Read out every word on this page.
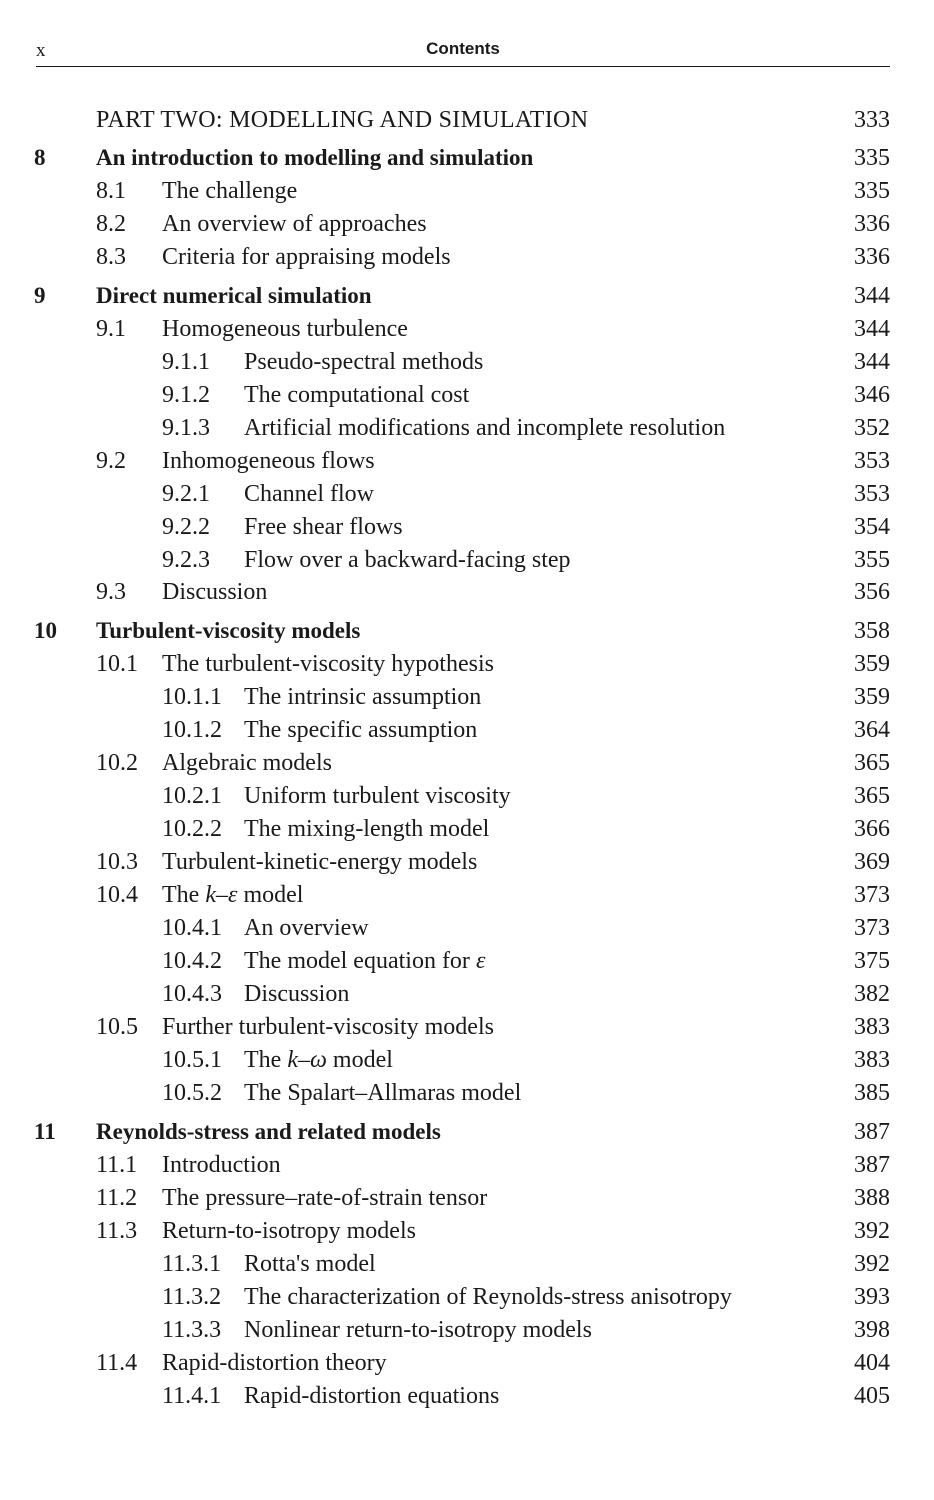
x	Contents
PART TWO: MODELLING AND SIMULATION	333
8 An introduction to modelling and simulation	335
8.1 The challenge	335
8.2 An overview of approaches	336
8.3 Criteria for appraising models	336
9 Direct numerical simulation	344
9.1 Homogeneous turbulence	344
9.1.1 Pseudo-spectral methods	344
9.1.2 The computational cost	346
9.1.3 Artificial modifications and incomplete resolution	352
9.2 Inhomogeneous flows	353
9.2.1 Channel flow	353
9.2.2 Free shear flows	354
9.2.3 Flow over a backward-facing step	355
9.3 Discussion	356
10 Turbulent-viscosity models	358
10.1 The turbulent-viscosity hypothesis	359
10.1.1 The intrinsic assumption	359
10.1.2 The specific assumption	364
10.2 Algebraic models	365
10.2.1 Uniform turbulent viscosity	365
10.2.2 The mixing-length model	366
10.3 Turbulent-kinetic-energy models	369
10.4 The k–ε model	373
10.4.1 An overview	373
10.4.2 The model equation for ε	375
10.4.3 Discussion	382
10.5 Further turbulent-viscosity models	383
10.5.1 The k–ω model	383
10.5.2 The Spalart–Allmaras model	385
11 Reynolds-stress and related models	387
11.1 Introduction	387
11.2 The pressure–rate-of-strain tensor	388
11.3 Return-to-isotropy models	392
11.3.1 Rotta's model	392
11.3.2 The characterization of Reynolds-stress anisotropy	393
11.3.3 Nonlinear return-to-isotropy models	398
11.4 Rapid-distortion theory	404
11.4.1 Rapid-distortion equations	405
